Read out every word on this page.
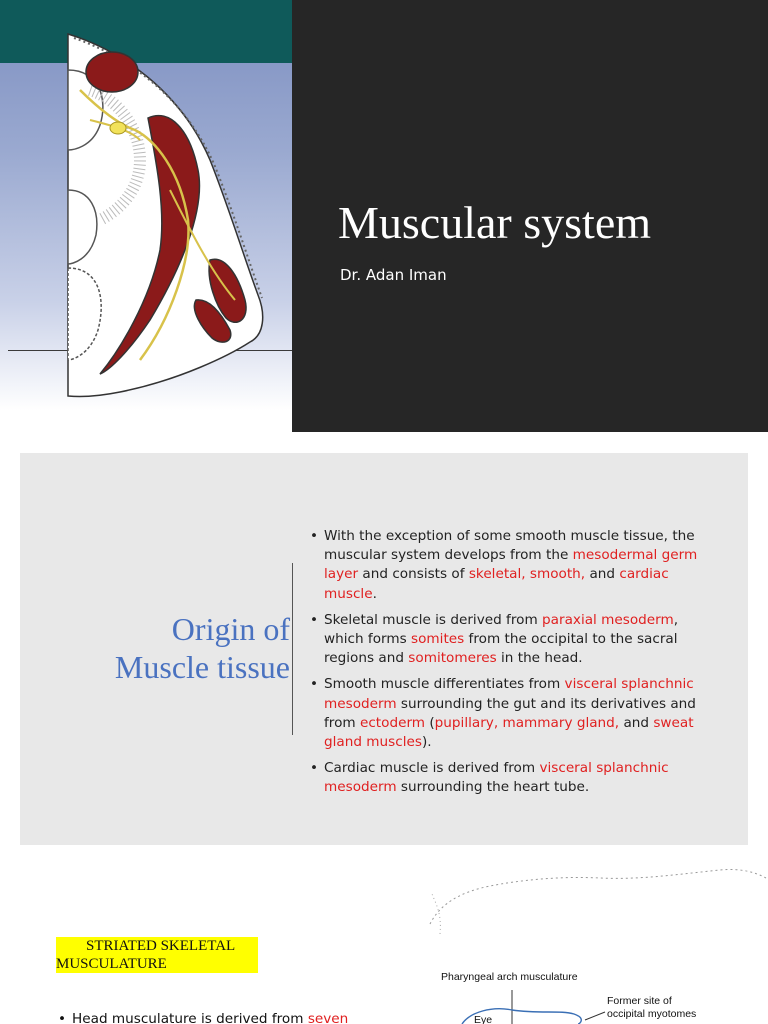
Muscular system
Dr. Adan Iman
Origin of
Muscle tissue
• With the exception of some smooth muscle tissue, the muscular system develops from the mesodermal germ layer and consists of skeletal, smooth, and cardiac muscle.
• Skeletal muscle is derived from paraxial mesoderm, which forms somites from the occipital to the sacral regions and somitomeres in the head.
• Smooth muscle differentiates from visceral splanchnic mesoderm surrounding the gut and its derivatives and from ectoderm (pupillary, mammary gland, and sweat gland muscles).
• Cardiac muscle is derived from visceral splanchnic mesoderm surrounding the heart tube.
STRIATED SKELETAL
MUSCULATURE
• Head musculature is derived from seven
Pharyngeal arch musculature
Former site of
occipital myotomes
Eye
